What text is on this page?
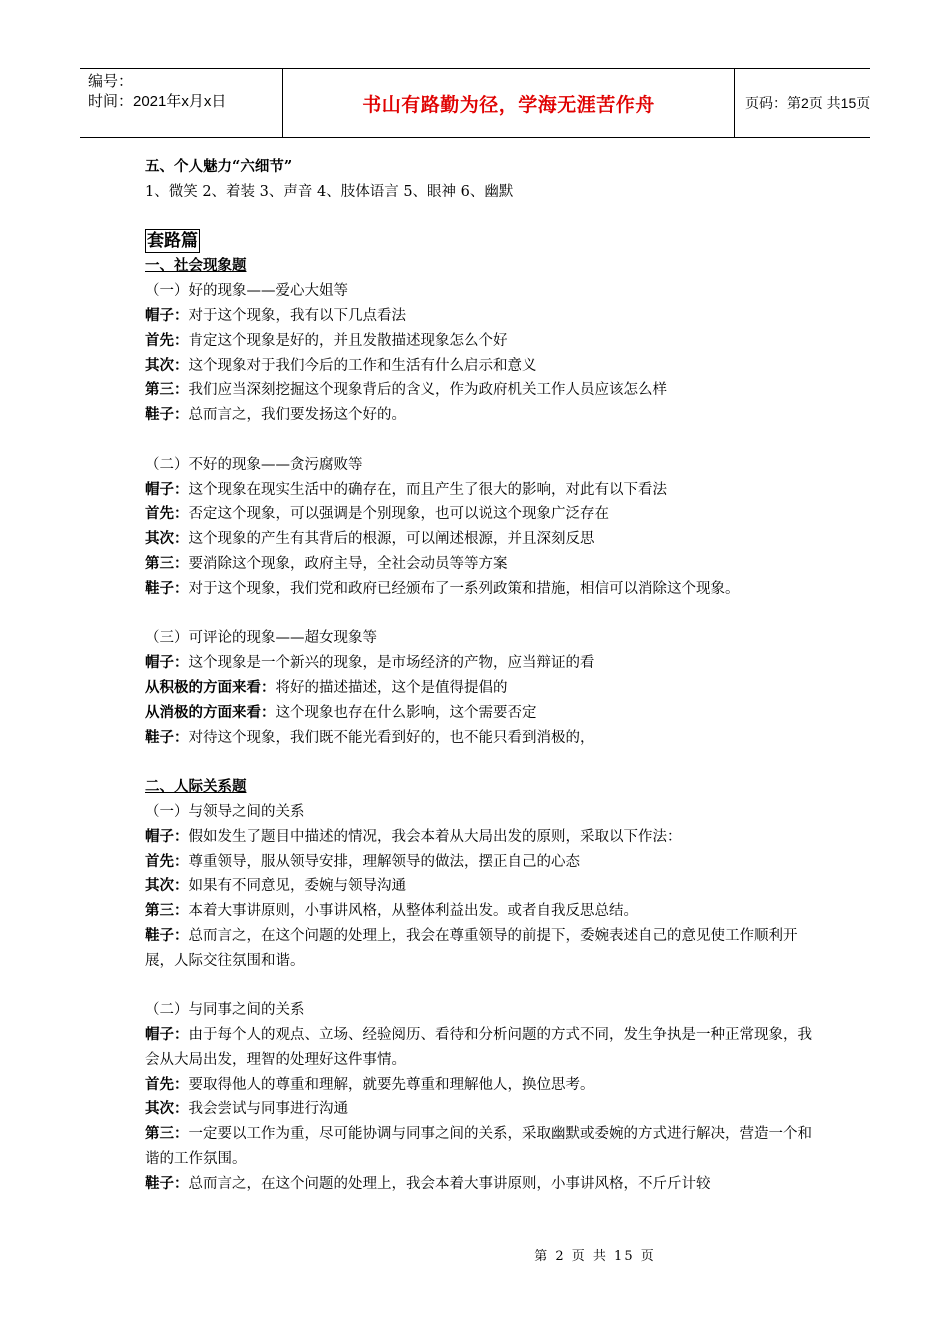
编号：
时间：2021年x月x日	书山有路勤为径，学海无涯苦作舟	页码：第2页 共15页
五、个人魅力“六细节”
1、微笑 2、着装 3、声音 4、肢体语言 5、眼神 6、幽默
套路篇
一、社会现象题
（一）好的现象——爱心大姐等
帽子：对于这个现象，我有以下几点看法
首先：肯定这个现象是好的，并且发散描述现象怎么个好
其次：这个现象对于我们今后的工作和生活有什么启示和意义
第三：我们应当深刻挖掘这个现象背后的含义，作为政府机关工作人员应该怎么样
鞋子：总而言之，我们要发扬这个好的。
（二）不好的现象——贪污腐败等
帽子：这个现象在现实生活中的确存在，而且产生了很大的影响，对此有以下看法
首先：否定这个现象，可以强调是个别现象，也可以说这个现象广泛存在
其次：这个现象的产生有其背后的根源，可以阐述根源，并且深刻反思
第三：要消除这个现象，政府主导，全社会动员等等方案
鞋子：对于这个现象，我们党和政府已经颁布了一系列政策和措施，相信可以消除这个现象。
（三）可评论的现象——超女现象等
帽子：这个现象是一个新兴的现象，是市场经济的产物，应当辩证的看
从积极的方面来看：将好的描述描述，这个是值得提倡的
从消极的方面来看：这个现象也存在什么影响，这个需要否定
鞋子：对待这个现象，我们既不能光看到好的，也不能只看到消极的，
二、人际关系题
（一）与领导之间的关系
帽子：假如发生了题目中描述的情况，我会本着从大局出发的原则，采取以下作法：
首先：尊重领导，服从领导安排，理解领导的做法，摆正自己的心态
其次：如果有不同意见，委婉与领导沟通
第三：本着大事讲原则，小事讲风格，从整体利益出发。或者自我反思总结。
鞋子：总而言之，在这个问题的处理上，我会在尊重领导的前提下，委婉表述自己的意见使工作顺利开展，人际交往氛围和谐。
（二）与同事之间的关系
帽子：由于每个人的观点、立场、经验阅历、看待和分析问题的方式不同，发生争执是一种正常现象，我会从大局出发，理智的处理好这件事情。
首先：要取得他人的尊重和理解，就要先尊重和理解他人，换位思考。
其次：我会尝试与同事进行沟通
第三：一定要以工作为重，尽可能协调与同事之间的关系，采取幽默或委婉的方式进行解决，营造一个和谐的工作氛围。
鞋子：总而言之，在这个问题的处理上，我会本着大事讲原则，小事讲风格，不斤斤计较
第 2 页 共 15 页
